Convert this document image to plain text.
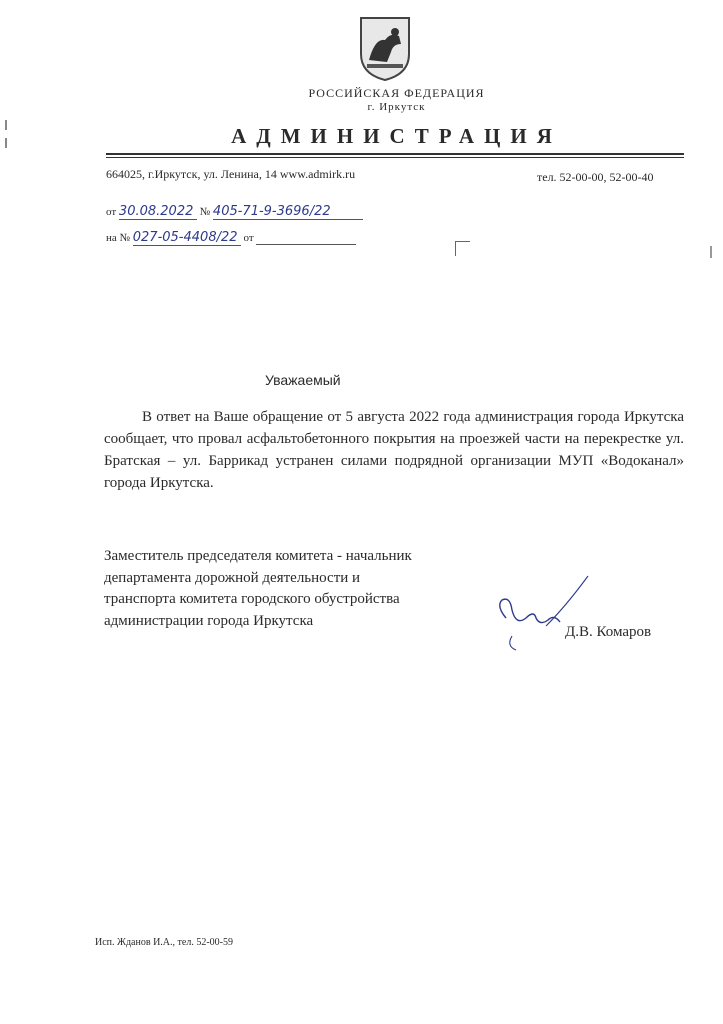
РОССИЙСКАЯ ФЕДЕРАЦИЯ
г. Иркутск
АДМИНИСТРАЦИЯ
664025, г.Иркутск, ул. Ленина, 14 www.admirk.ru	тел. 52-00-00, 52-00-40
от 30.08.2022 № 405-71-9-3696/22
на № 027-05-4408/22 от
Уважаемый
В ответ на Ваше обращение от 5 августа 2022 года администрация города Иркутска сообщает, что провал асфальтобетонного покрытия на проезжей части на перекрестке ул. Братская – ул. Баррикад устранен силами подрядной организации МУП «Водоканал» города Иркутска.
Заместитель председателя комитета - начальник
департамента дорожной деятельности и
транспорта комитета городского обустройства
администрации города Иркутска
Д.В. Комаров
Исп. Жданов И.А., тел. 52-00-59
